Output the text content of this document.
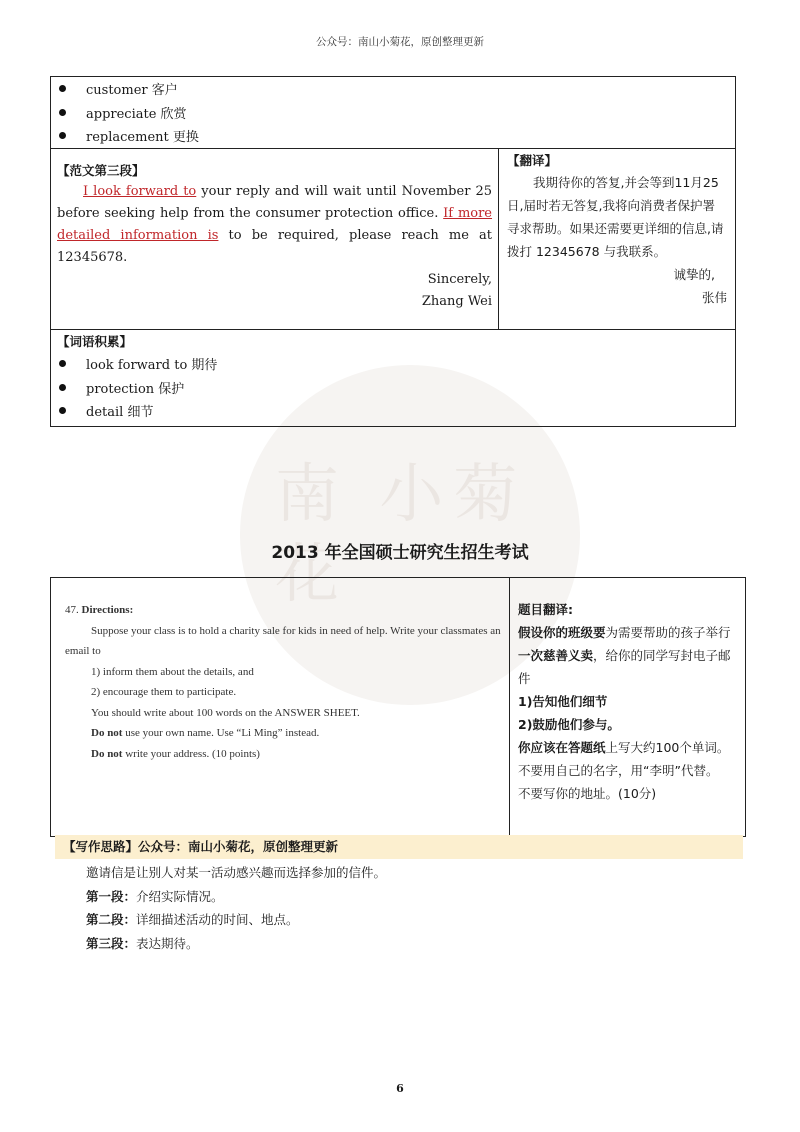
公众号：南山小菊花，原创整理更新
南 小菊花
customer 客户
appreciate 欣赏
replacement 更换

【范文第三段】
I look forward to your reply and will wait until November 25 before seeking help from the consumer protection office. If more detailed information is to be required, please reach me at 12345678.
Sincerely,
Zhang Wei

【翻译】
我期待你的答复,并会等到11月25日,届时若无答复,我将向消费者保护署寻求帮助。如果还需要更详细的信息,请拨打 12345678 与我联系。
诚挚的,
张伟

【词语积累】
look forward to 期待
protection 保护
detail 细节
2013 年全国硕士研究生招生考试
47. Directions:
Suppose your class is to hold a charity sale for kids in need of help. Write your classmates an email to
1) inform them about the details, and
2) encourage them to participate.
You should write about 100 words on the ANSWER SHEET.
Do not use your own name. Use “Li Ming” instead.
Do not write your address. (10 points)

题目翻译:
假设你的班级要为需要帮助的孩子举行一次慈善义卖，给你的同学写封电子邮件
1)告知他们细节
2)鼓励他们参与。
你应该在答题纸上写大约100个单词。
不要用自己的名字，用“李明”代替。
不要写你的地址。(10分)
【写作思路】公众号：南山小菊花，原创整理更新
邀请信是让别人对某一活动感兴趣而选择参加的信件。
第一段：介绍实际情况。
第二段：详细描述活动的时间、地点。
第三段：表达期待。
6
